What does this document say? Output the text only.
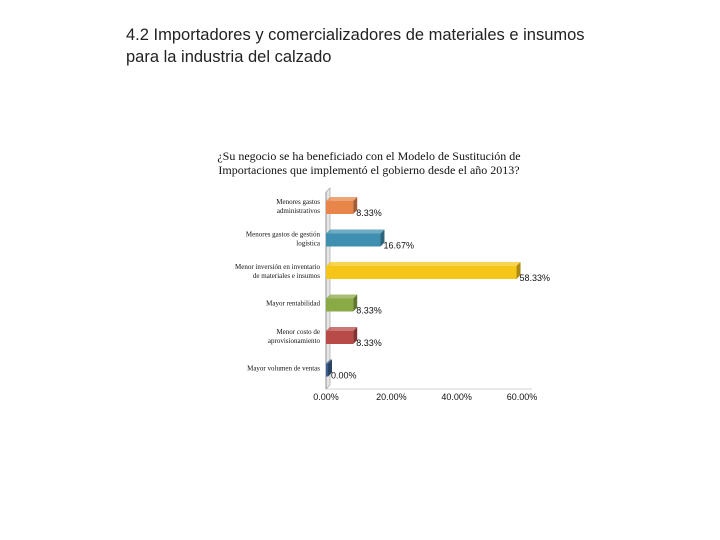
4.2 Importadores y comercializadores de materiales e insumos
para la industria del calzado
¿Su negocio se ha beneficiado con el Modelo de Sustitución de
Importaciones que implementó el gobierno desde el año 2013?
8.33%
Menores gastos
administrativos
16.67%
Menores gastos de gestión
logística
58.33%
Menor inversión en inventario
de materiales e insumos
8.33%
Mayor rentabilidad
8.33%
Menor costo de
aprovisionamiento
0.00%
Mayor volumen de ventas
0.00%	20.00%	40.00%	60.00%
